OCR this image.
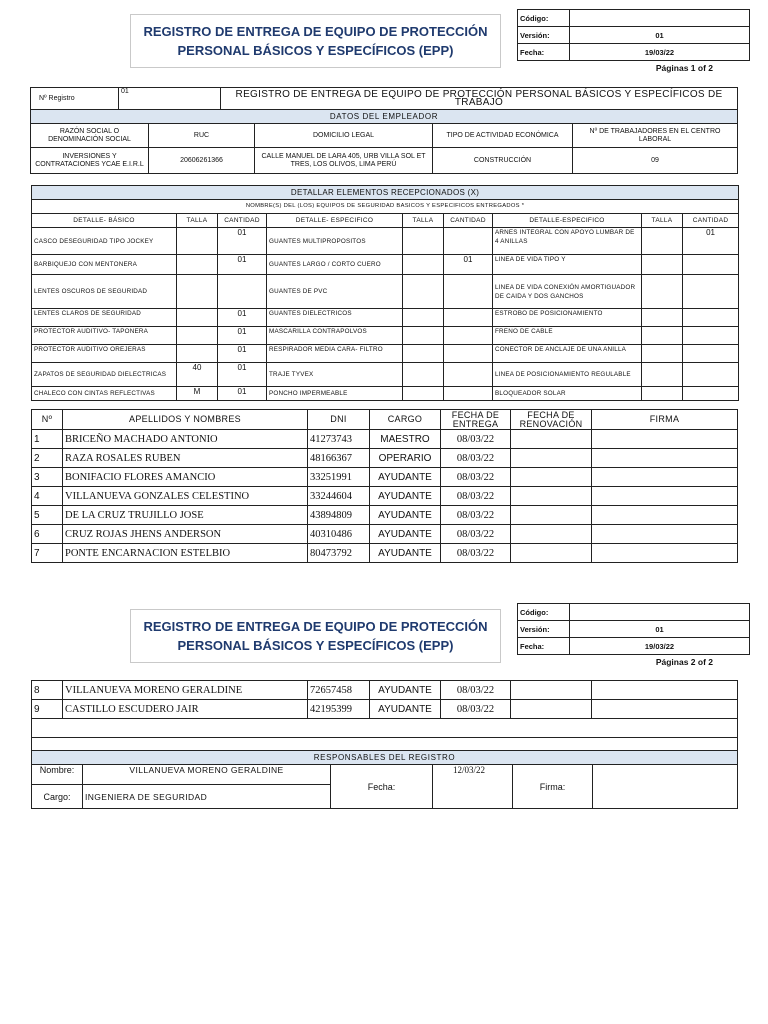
REGISTRO DE ENTREGA DE EQUIPO DE PROTECCIÓN
PERSONAL BÁSICOS Y ESPECÍFICOS (EPP)
Código:	
Versión:	01
Fecha:	19/03/22
Páginas 1 of 2
Nº Registro	01		REGISTRO DE ENTREGA DE EQUIPO DE PROTECCIÓN PERSONAL BÁSICOS Y ESPECÍFICOS DE TRABAJO			
DATOS DEL EMPLEADOR						
RAZÓN SOCIAL O DENOMINACIÓN SOCIAL		RUC		DOMICILIO LEGAL	TIPO DE ACTIVIDAD ECONÓMICA	Nº DE TRABAJADORES EN EL CENTRO LABORAL
INVERSIONES Y CONTRATACIONES YCAE E.I.R.L		20606261366		CALLE MANUEL DE LARA 405, URB VILLA SOL ET TRES, LOS OLIVOS, LIMA PERÚ	CONSTRUCCIÓN	09
DETALLAR ELEMENTOS RECEPCIONADOS (X)								
NOMBRE(S) DEL (LOS) EQUIPOS DE SEGURIDAD BASICOS Y ESPECIFICOS ENTREGADOS *								
DETALLE- BÁSICO	TALLA	CANTIDAD	DETALLE- ESPECIFICO	TALLA	CANTIDAD	DETALLE-ESPECIFICO	TALLA	CANTIDAD
CASCO DESEGURIDAD TIPO JOCKEY		01	GUANTES MULTIPROPOSITOS			ARNES INTEGRAL CON APOYO LUMBAR DE 4 ANILLAS		01
BARBIQUEJO CON MENTONERA		01	GUANTES LARGO / CORTO CUERO		01	LINEA DE VIDA TIPO Y		
LENTES OSCUROS DE SEGURIDAD			GUANTES DE PVC			LINEA DE VIDA CONEXIÓN AMORTIGUADOR DE CAIDA Y DOS GANCHOS		
LENTES CLAROS DE SEGURIDAD		01	GUANTES DIELECTRICOS			ESTROBO DE POSICIONAMIENTO		
PROTECTOR AUDITIVO- TAPONERA		01	MASCARILLA CONTRAPOLVOS			FRENO DE CABLE		
PROTECTOR AUDITIVO OREJERAS		01	RESPIRADOR MEDIA CARA- FILTRO			CONECTOR DE ANCLAJE DE UNA ANILLA		
ZAPATOS DE SEGURIDAD DIELECTRICAS	40	01	TRAJE TYVEX			LINEA DE POSICIONAMIENTO REGULABLE		
CHALECO CON CINTAS REFLECTIVAS	M	01	PONCHO IMPERMEABLE			BLOQUEADOR SOLAR		
Nº	APELLIDOS Y NOMBRES	DNI	CARGO	FECHA DE ENTREGA	FECHA DE RENOVACIÓN	FIRMA
1	BRICEÑO MACHADO ANTONIO	41273743	MAESTRO	08/03/22		
2	RAZA ROSALES RUBEN	48166367	OPERARIO	08/03/22		
3	BONIFACIO FLORES AMANCIO	33251991	AYUDANTE	08/03/22		
4	VILLANUEVA GONZALES CELESTINO	33244604	AYUDANTE	08/03/22		
5	DE LA CRUZ TRUJILLO JOSE	43894809	AYUDANTE	08/03/22		
6	CRUZ ROJAS JHENS ANDERSON	40310486	AYUDANTE	08/03/22		
7	PONTE ENCARNACION ESTELBIO	80473792	AYUDANTE	08/03/22		
REGISTRO DE ENTREGA DE EQUIPO DE PROTECCIÓN
PERSONAL BÁSICOS Y ESPECÍFICOS (EPP)
Código:	
Versión:	01
Fecha:	19/03/22
Páginas 2 of 2
8	VILLANUEVA MORENO GERALDINE	72657458	AYUDANTE	08/03/22		
9	CASTILLO ESCUDERO JAIR	42195399	AYUDANTE	08/03/22		

RESPONSABLES DEL REGISTRO					
Nombre:	VILLANUEVA MORENO GERALDINE	Fecha:	12/03/22	Firma:	
Cargo:	INGENIERA DE SEGURIDAD				
